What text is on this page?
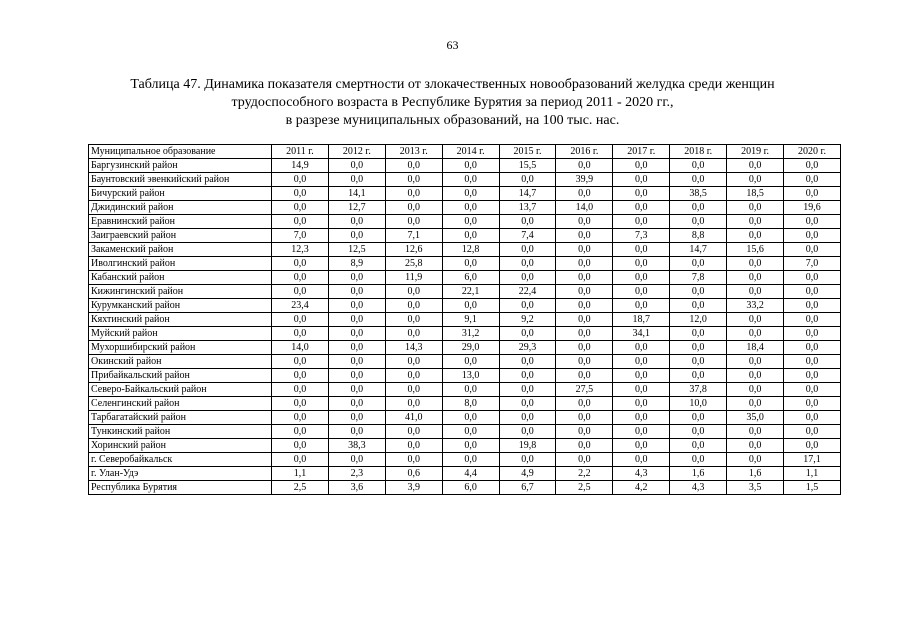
63
Таблица 47. Динамика показателя смертности от злокачественных новообразований желудка среди женщин
трудоспособного возраста в Республике Бурятия за период 2011 - 2020 гг.,
в разрезе муниципальных образований, на 100 тыс. нас.
Муниципальное образование	2011 г.	2012 г.	2013 г.	2014 г.	2015 г.	2016 г.	2017 г.	2018 г.	2019 г.	2020 г.
Баргузинский район	14,9	0,0	0,0	0,0	15,5	0,0	0,0	0,0	0,0	0,0
Баунтовский эвенкийский район	0,0	0,0	0,0	0,0	0,0	39,9	0,0	0,0	0,0	0,0
Бичурский район	0,0	14,1	0,0	0,0	14,7	0,0	0,0	38,5	18,5	0,0
Джидинский район	0,0	12,7	0,0	0,0	13,7	14,0	0,0	0,0	0,0	19,6
Еравнинский район	0,0	0,0	0,0	0,0	0,0	0,0	0,0	0,0	0,0	0,0
Заиграевский район	7,0	0,0	7,1	0,0	7,4	0,0	7,3	8,8	0,0	0,0
Закаменский район	12,3	12,5	12,6	12,8	0,0	0,0	0,0	14,7	15,6	0,0
Иволгинский район	0,0	8,9	25,8	0,0	0,0	0,0	0,0	0,0	0,0	7,0
Кабанский район	0,0	0,0	11,9	6,0	0,0	0,0	0,0	7,8	0,0	0,0
Кижингинский район	0,0	0,0	0,0	22,1	22,4	0,0	0,0	0,0	0,0	0,0
Курумканский район	23,4	0,0	0,0	0,0	0,0	0,0	0,0	0,0	33,2	0,0
Кяхтинский район	0,0	0,0	0,0	9,1	9,2	0,0	18,7	12,0	0,0	0,0
Муйский район	0,0	0,0	0,0	31,2	0,0	0,0	34,1	0,0	0,0	0,0
Мухоршибирский район	14,0	0,0	14,3	29,0	29,3	0,0	0,0	0,0	18,4	0,0
Окинский район	0,0	0,0	0,0	0,0	0,0	0,0	0,0	0,0	0,0	0,0
Прибайкальский район	0,0	0,0	0,0	13,0	0,0	0,0	0,0	0,0	0,0	0,0
Северо-Байкальский район	0,0	0,0	0,0	0,0	0,0	27,5	0,0	37,8	0,0	0,0
Селенгинский район	0,0	0,0	0,0	8,0	0,0	0,0	0,0	10,0	0,0	0,0
Тарбагатайский район	0,0	0,0	41,0	0,0	0,0	0,0	0,0	0,0	35,0	0,0
Тункинский район	0,0	0,0	0,0	0,0	0,0	0,0	0,0	0,0	0,0	0,0
Хоринский район	0,0	38,3	0,0	0,0	19,8	0,0	0,0	0,0	0,0	0,0
г. Северобайкальск	0,0	0,0	0,0	0,0	0,0	0,0	0,0	0,0	0,0	17,1
г. Улан-Удэ	1,1	2,3	0,6	4,4	4,9	2,2	4,3	1,6	1,6	1,1
Республика Бурятия	2,5	3,6	3,9	6,0	6,7	2,5	4,2	4,3	3,5	1,5
